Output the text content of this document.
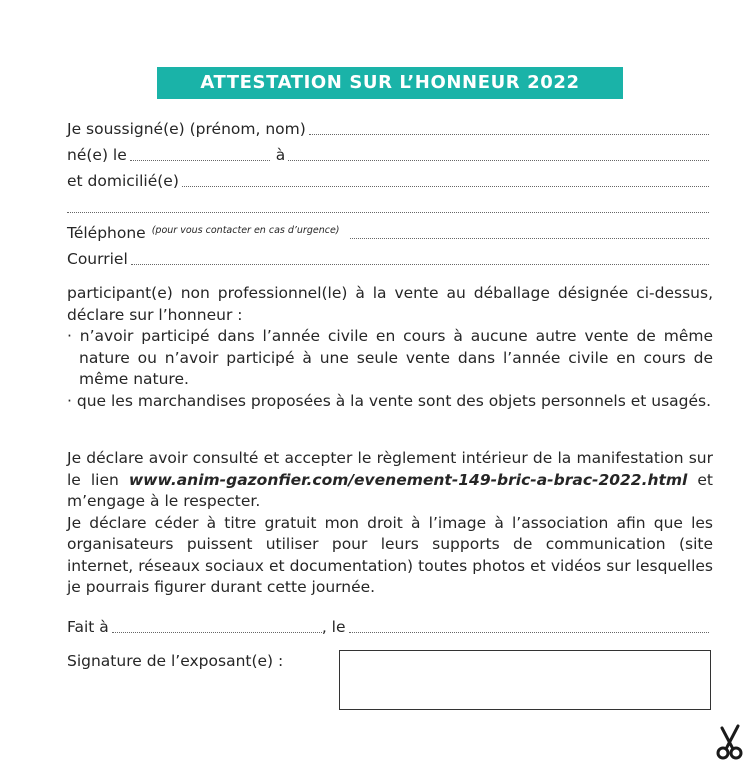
ATTESTATION SUR L’HONNEUR 2022
Je soussigné(e) (prénom, nom)
né(e) le	à
et domicilié(e)
Téléphone (pour vous contacter en cas d’urgence)
Courriel
participant(e) non professionnel(le) à la vente au déballage désignée ci-dessus, déclare sur l’honneur :
· n’avoir participé dans l’année civile en cours à aucune autre vente de même nature ou n’avoir participé à une seule vente dans l’année civile en cours de même nature.
· que les marchandises proposées à la vente sont des objets personnels et usagés.
Je déclare avoir consulté et accepter le règlement intérieur de la manifestation sur le lien www.anim-gazonfier.com/evenement-149-bric-a-brac-2022.html et m’engage à le respecter.
Je déclare céder à titre gratuit mon droit à l’image à l’association afin que les organisateurs puissent utiliser pour leurs supports de communication (site internet, réseaux sociaux et documentation) toutes photos et vidéos sur lesquelles je pourrais figurer durant cette journée.
Fait à	, le
Signature de l’exposant(e) :
